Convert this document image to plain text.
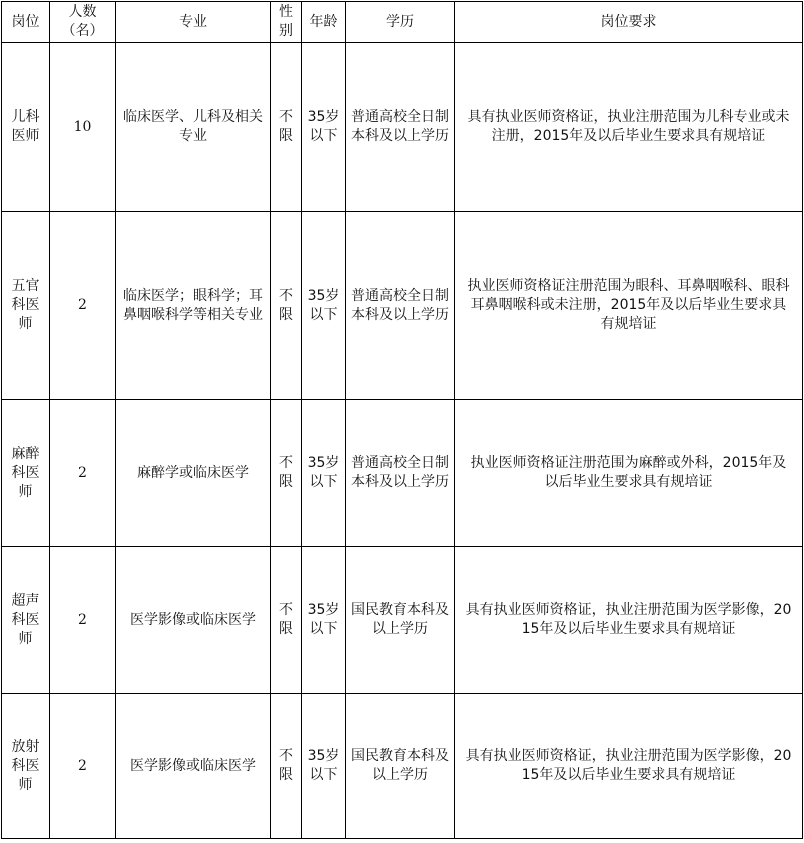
岗位	人数（名）	专业	性别	年龄	学历	岗位要求
儿科医师	10	临床医学、儿科及相关专业	不限	35岁以下	普通高校全日制本科及以上学历	具有执业医师资格证，执业注册范围为儿科专业或未注册，2015年及以后毕业生要求具有规培证
五官科医师	2	临床医学；眼科学；耳鼻咽喉科学等相关专业	不限	35岁以下	普通高校全日制本科及以上学历	执业医师资格证注册范围为眼科、耳鼻咽喉科、眼科耳鼻咽喉科或未注册，2015年及以后毕业生要求具有规培证
麻醉科医师	2	麻醉学或临床医学	不限	35岁以下	普通高校全日制本科及以上学历	执业医师资格证注册范围为麻醉或外科，2015年及以后毕业生要求具有规培证
超声科医师	2	医学影像或临床医学	不限	35岁以下	国民教育本科及以上学历	具有执业医师资格证，执业注册范围为医学影像，2015年及以后毕业生要求具有规培证
放射科医师	2	医学影像或临床医学	不限	35岁以下	国民教育本科及以上学历	具有执业医师资格证，执业注册范围为医学影像，2015年及以后毕业生要求具有规培证
